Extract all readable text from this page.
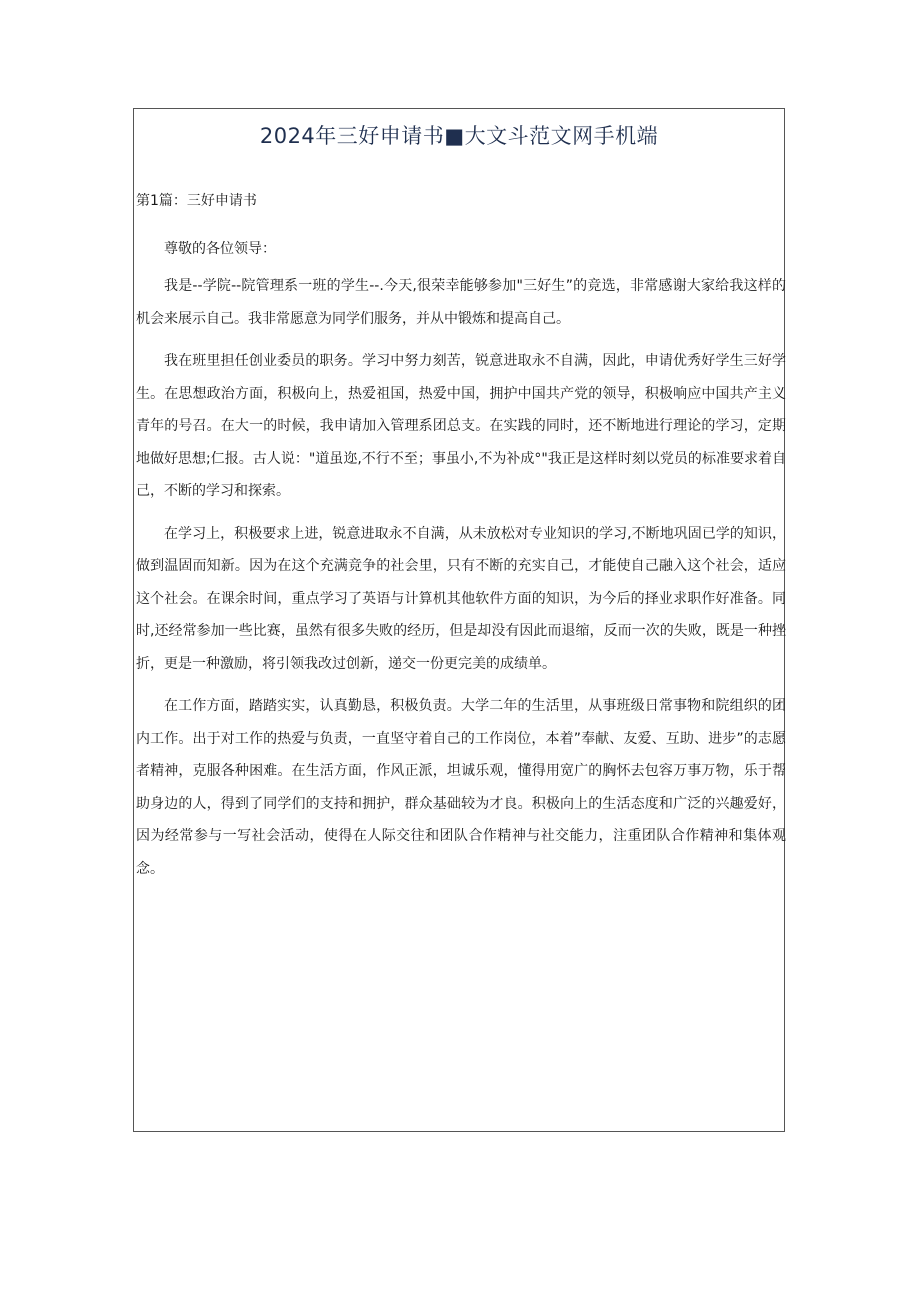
2024年三好申请书■大文斗范文网手机端
第1篇：三好申请书

尊敬的各位领导：

我是--学院--院管理系一班的学生--.今天,很荣幸能够参加"三好生”的竞选，非常感谢大家给我这样的机会来展示自己。我非常愿意为同学们服务，并从中锻炼和提高自己。

我在班里担任创业委员的职务。学习中努力刻苦，锐意进取永不自满，因此，申请优秀好学生三好学生。在思想政治方面，积极向上，热爱祖国，热爱中国，拥护中国共产党的领导，积极响应中国共产主义青年的号召。在大一的时候，我申请加入管理系团总支。在实践的同时，还不断地进行理论的学习，定期地做好思想;仁报。古人说："道虽迩,不行不至；事虽小,不为补成°"我正是这样时刻以党员的标准要求着自己，不断的学习和探索。

在学习上，积极要求上进，锐意进取永不自满，从未放松对专业知识的学习,不断地巩固已学的知识，做到温固而知新。因为在这个充满竞争的社会里，只有不断的充实自己，才能使自己融入这个社会，适应这个社会。在课余时间，重点学习了英语与计算机其他软件方面的知识，为今后的择业求职作好准备。同时,还经常参加一些比赛，虽然有很多失败的经历，但是却没有因此而退缩，反而一次的失败，既是一种挫折，更是一种激励，将引领我改过创新，递交一份更完美的成绩单。

在工作方面，踏踏实实，认真勤恳，积极负责。大学二年的生活里，从事班级日常事物和院组织的团内工作。出于对工作的热爱与负责，一直坚守着自己的工作岗位，本着”奉献、友爱、互助、进步”的志愿者精神，克服各种困难。在生活方面，作风正派，坦诚乐观，懂得用宽广的胸怀去包容万事万物，乐于帮助身边的人，得到了同学们的支持和拥护，群众基础较为才良。积极向上的生活态度和广泛的兴趣爱好，因为经常参与一写社会活动，使得在人际交往和团队合作精神与社交能力，注重团队合作精神和集体观念。
